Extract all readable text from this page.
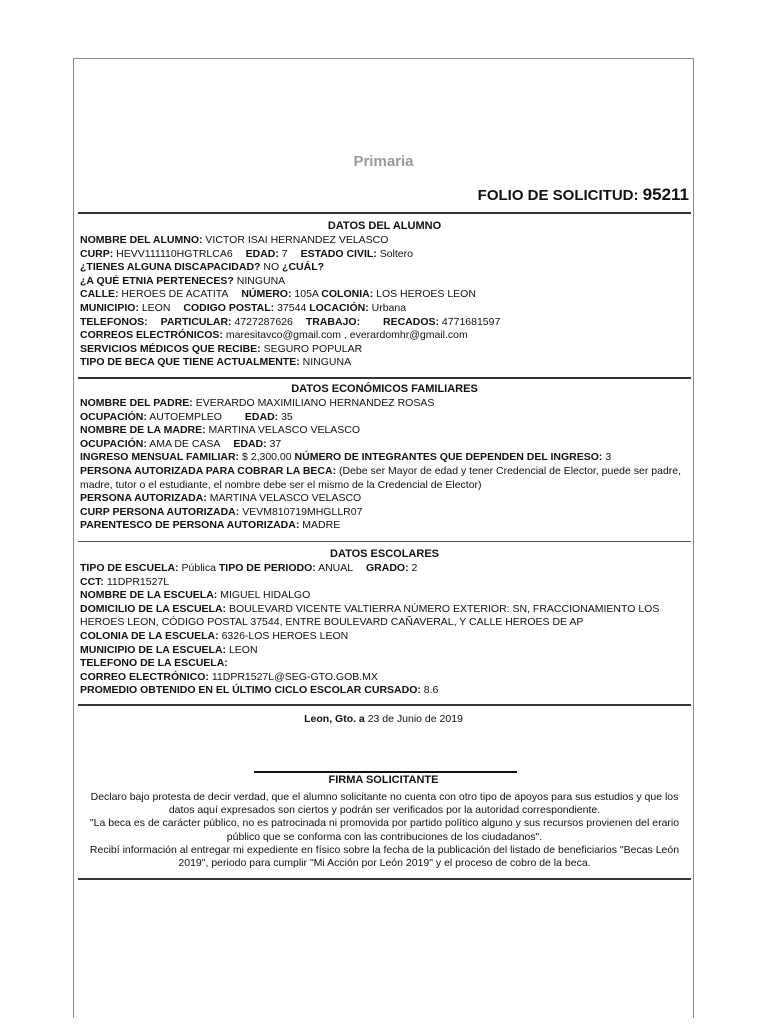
Primaria
FOLIO DE SOLICITUD: 95211
DATOS DEL ALUMNO
NOMBRE DEL ALUMNO: VICTOR ISAI HERNANDEZ VELASCO
CURP: HEVV111110HGTRLCA6 EDAD: 7 ESTADO CIVIL: Soltero
¿TIENES ALGUNA DISCAPACIDAD? NO ¿CUÁL?
¿A QUÉ ETNIA PERTENECES? NINGUNA
CALLE: HEROES DE ACATITA NÚMERO: 105A COLONIA: LOS HEROES LEON
MUNICIPIO: LEON CODIGO POSTAL: 37544 LOCACIÓN: Urbana
TELEFONOS: PARTICULAR: 4727287626 TRABAJO: RECADOS: 4771681597
CORREOS ELECTRÓNICOS: maresitavco@gmail.com , everardomhr@gmail.com
SERVICIOS MÉDICOS QUE RECIBE: SEGURO POPULAR
TIPO DE BECA QUE TIENE ACTUALMENTE: NINGUNA
DATOS ECONÓMICOS FAMILIARES
NOMBRE DEL PADRE: EVERARDO MAXIMILIANO HERNANDEZ ROSAS
OCUPACIÓN: AUTOEMPLEO EDAD: 35
NOMBRE DE LA MADRE: MARTINA VELASCO VELASCO
OCUPACIÓN: AMA DE CASA EDAD: 37
INGRESO MENSUAL FAMILIAR: $ 2,300.00 NÚMERO DE INTEGRANTES QUE DEPENDEN DEL INGRESO: 3
PERSONA AUTORIZADA PARA COBRAR LA BECA: (Debe ser Mayor de edad y tener Credencial de Elector, puede ser padre, madre, tutor o el estudiante, el nombre debe ser el mismo de la Credencial de Elector)
PERSONA AUTORIZADA: MARTINA VELASCO VELASCO
CURP PERSONA AUTORIZADA: VEVM810719MHGLLR07
PARENTESCO DE PERSONA AUTORIZADA: MADRE
DATOS ESCOLARES
TIPO DE ESCUELA: Pública TIPO DE PERIODO: ANUAL GRADO: 2
CCT: 11DPR1527L
NOMBRE DE LA ESCUELA: MIGUEL HIDALGO
DOMICILIO DE LA ESCUELA: BOULEVARD VICENTE VALTIERRA NÚMERO EXTERIOR: SN, FRACCIONAMIENTO LOS HEROES LEON, CÓDIGO POSTAL 37544, ENTRE BOULEVARD CAÑAVERAL, Y CALLE HEROES DE AP
COLONIA DE LA ESCUELA: 6326-LOS HEROES LEON
MUNICIPIO DE LA ESCUELA: LEON
TELEFONO DE LA ESCUELA:
CORREO ELECTRÓNICO: 11DPR1527L@SEG-GTO.GOB.MX
PROMEDIO OBTENIDO EN EL ÚLTIMO CICLO ESCOLAR CURSADO: 8.6
Leon, Gto. a 23 de Junio de 2019
FIRMA SOLICITANTE
Declaro bajo protesta de decir verdad, que el alumno solicitante no cuenta con otro tipo de apoyos para sus estudios y que los datos aquí expresados son ciertos y podrán ser verificados por la autoridad correspondiente.
"La beca es de carácter público, no es patrocinada ni promovida por partido político alguno y sus recursos provienen del erario público que se conforma con las contribuciones de los ciudadanos".
Recibí información al entregar mi expediente en físico sobre la fecha de la publicación del listado de beneficiarios "Becas León 2019", periodo para cumplir "Mi Acción por León 2019" y el proceso de cobro de la beca.
